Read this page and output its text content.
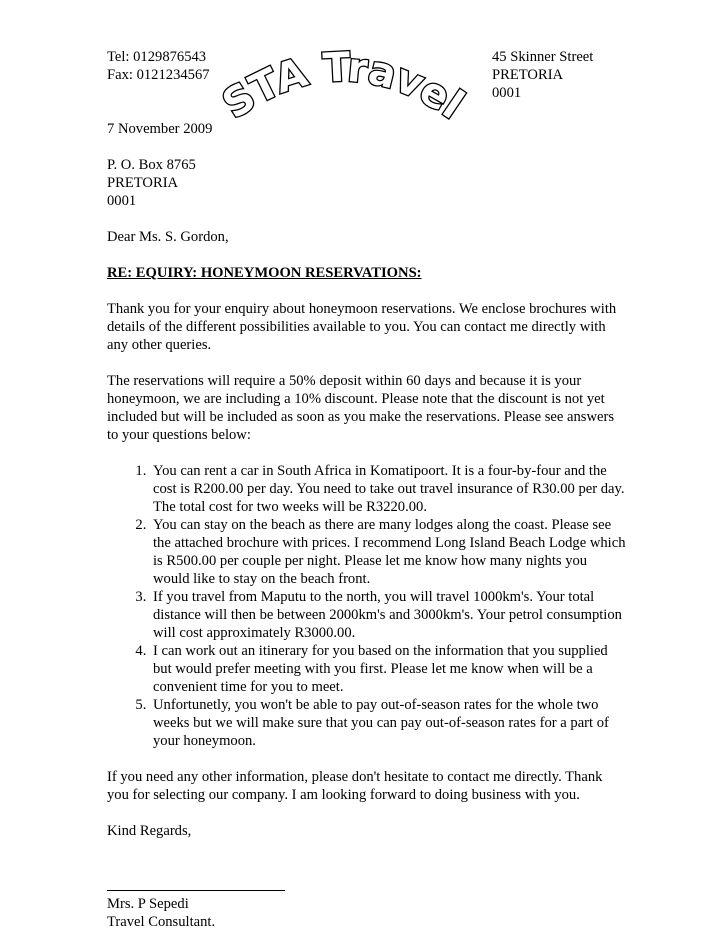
Tel: 0129876543
Fax: 0121234567
45 Skinner Street
PRETORIA
0001
STA Travel
7 November 2009
P. O. Box 8765
PRETORIA
0001
Dear Ms. S. Gordon,
RE: EQUIRY: HONEYMOON RESERVATIONS:

Thank you for your enquiry about honeymoon reservations. We enclose brochures with details of the different possibilities available to you. You can contact me directly with any other queries.

The reservations will require a 50% deposit within 60 days and because it is your honeymoon, we are including a 10% discount. Please note that the discount is not yet included but will be included as soon as you make the reservations. Please see answers to your questions below:

1. You can rent a car in South Africa in Komatipoort. It is a four-by-four and the cost is R200.00 per day. You need to take out travel insurance of R30.00 per day. The total cost for two weeks will be R3220.00.
2. You can stay on the beach as there are many lodges along the coast. Please see the attached brochure with prices. I recommend Long Island Beach Lodge which is R500.00 per couple per night. Please let me know how many nights you would like to stay on the beach front.
3. If you travel from Maputu to the north, you will travel 1000km's. Your total distance will then be between 2000km's and 3000km's. Your petrol consumption will cost approximately R3000.00.
4. I can work out an itinerary for you based on the information that you supplied but would prefer meeting with you first. Please let me know when will be a convenient time for you to meet.
5. Unfortunetly, you won't be able to pay out-of-season rates for the whole two weeks but we will make sure that you can pay out-of-season rates for a part of your honeymoon.

If you need any other information, please don't hesitate to contact me directly. Thank you for selecting our company. I am looking forward to doing business with you.

Kind Regards,
Mrs. P Sepedi
Travel Consultant.
